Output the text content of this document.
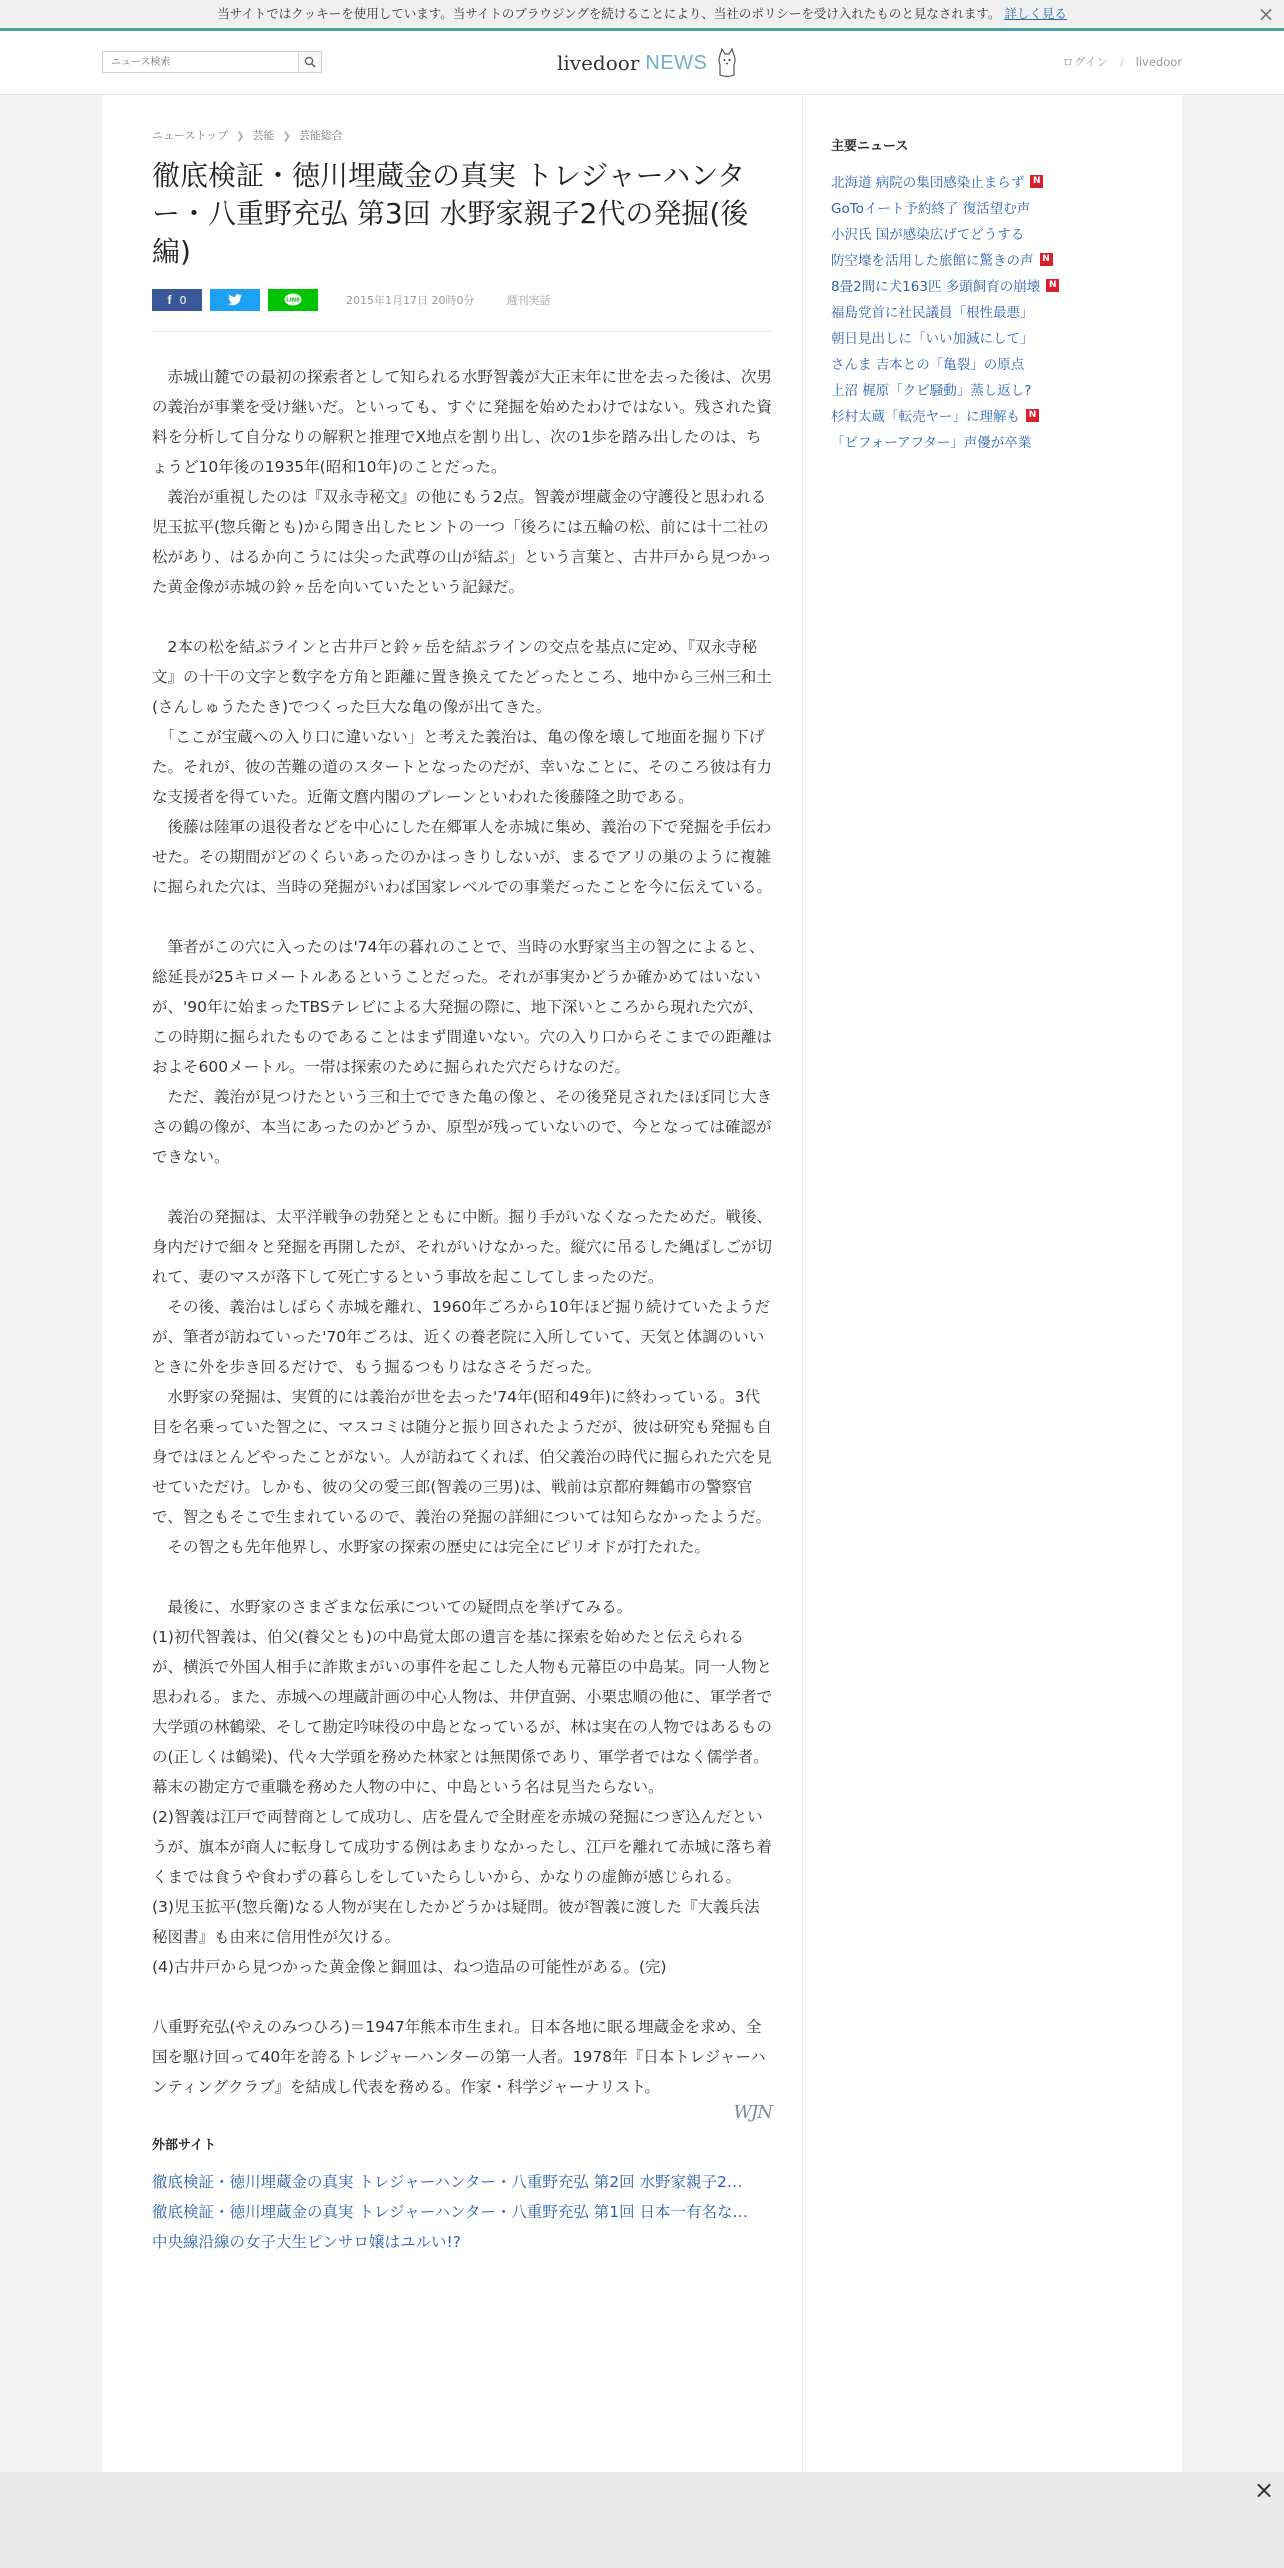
当サイトではクッキーを使用しています。当サイトのブラウジングを続けることにより、当社のポリシーを受け入れたものと見なされます。 詳しく見る	×
ニュース検索
livedoor NEWS	ログイン / livedoor
ニューストップ ❯ 芸能 ❯ 芸能総合
徹底検証・徳川埋蔵金の真実 トレジャーハンター・八重野充弘 第3回 水野家親子2代の発掘(後編)
f 0	LINE	2015年1月17日 20時0分	週刊実話

　赤城山麓での最初の探索者として知られる水野智義が大正末年に世を去った後は、次男の義治が事業を受け継いだ。といっても、すぐに発掘を始めたわけではない。残された資料を分析して自分なりの解釈と推理でX地点を割り出し、次の1歩を踏み出したのは、ちょうど10年後の1935年(昭和10年)のことだった。

　義治が重視したのは『双永寺秘文』の他にもう2点。智義が埋蔵金の守護役と思われる児玉拡平(惣兵衛とも)から聞き出したヒントの一つ「後ろには五輪の松、前には十二社の松があり、はるか向こうには尖った武尊の山が結ぶ」という言葉と、古井戸から見つかった黄金像が赤城の鈴ヶ岳を向いていたという記録だ。

　2本の松を結ぶラインと古井戸と鈴ヶ岳を結ぶラインの交点を基点に定め、『双永寺秘文』の十干の文字と数字を方角と距離に置き換えてたどったところ、地中から三州三和土(さんしゅうたたき)でつくった巨大な亀の像が出てきた。

　「ここが宝蔵への入り口に違いない」と考えた義治は、亀の像を壊して地面を掘り下げた。それが、彼の苦難の道のスタートとなったのだが、幸いなことに、そのころ彼は有力な支援者を得ていた。近衛文麿内閣のブレーンといわれた後藤隆之助である。

　後藤は陸軍の退役者などを中心にした在郷軍人を赤城に集め、義治の下で発掘を手伝わせた。その期間がどのくらいあったのかはっきりしないが、まるでアリの巣のように複雑に掘られた穴は、当時の発掘がいわば国家レベルでの事業だったことを今に伝えている。

　筆者がこの穴に入ったのは'74年の暮れのことで、当時の水野家当主の智之によると、総延長が25キロメートルあるということだった。それが事実かどうか確かめてはいないが、'90年に始まったTBSテレビによる大発掘の際に、地下深いところから現れた穴が、この時期に掘られたものであることはまず間違いない。穴の入り口からそこまでの距離はおよそ600メートル。一帯は探索のために掘られた穴だらけなのだ。

　ただ、義治が見つけたという三和土でできた亀の像と、その後発見されたほぼ同じ大きさの鶴の像が、本当にあったのかどうか、原型が残っていないので、今となっては確認ができない。

　義治の発掘は、太平洋戦争の勃発とともに中断。掘り手がいなくなったためだ。戦後、身内だけで細々と発掘を再開したが、それがいけなかった。縦穴に吊るした縄ばしごが切れて、妻のマスが落下して死亡するという事故を起こしてしまったのだ。

　その後、義治はしばらく赤城を離れ、1960年ごろから10年ほど掘り続けていたようだが、筆者が訪ねていった'70年ごろは、近くの養老院に入所していて、天気と体調のいいときに外を歩き回るだけで、もう掘るつもりはなさそうだった。

　水野家の発掘は、実質的には義治が世を去った'74年(昭和49年)に終わっている。3代目を名乗っていた智之に、マスコミは随分と振り回されたようだが、彼は研究も発掘も自身ではほとんどやったことがない。人が訪ねてくれば、伯父義治の時代に掘られた穴を見せていただけ。しかも、彼の父の愛三郎(智義の三男)は、戦前は京都府舞鶴市の警察官で、智之もそこで生まれているので、義治の発掘の詳細については知らなかったようだ。

　その智之も先年他界し、水野家の探索の歴史には完全にピリオドが打たれた。

　最後に、水野家のさまざまな伝承についての疑問点を挙げてみる。

(1)初代智義は、伯父(養父とも)の中島覚太郎の遺言を基に探索を始めたと伝えられるが、横浜で外国人相手に詐欺まがいの事件を起こした人物も元幕臣の中島某。同一人物と思われる。また、赤城への埋蔵計画の中心人物は、井伊直弼、小栗忠順の他に、軍学者で大学頭の林鶴梁、そして勘定吟味役の中島となっているが、林は実在の人物ではあるものの(正しくは鶴梁)、代々大学頭を務めた林家とは無関係であり、軍学者ではなく儒学者。幕末の勘定方で重職を務めた人物の中に、中島という名は見当たらない。

(2)智義は江戸で両替商として成功し、店を畳んで全財産を赤城の発掘につぎ込んだというが、旗本が商人に転身して成功する例はあまりなかったし、江戸を離れて赤城に落ち着くまでは食うや食わずの暮らしをしていたらしいから、かなりの虚飾が感じられる。

(3)児玉拡平(惣兵衛)なる人物が実在したかどうかは疑問。彼が智義に渡した『大義兵法秘図書』も由来に信用性が欠ける。

(4)古井戸から見つかった黄金像と銅皿は、ねつ造品の可能性がある。(完)

八重野充弘(やえのみつひろ)＝1947年熊本市生まれ。日本各地に眠る埋蔵金を求め、全国を駆け回って40年を誇るトレジャーハンターの第一人者。1978年『日本トレジャーハンティングクラブ』を結成し代表を務める。作家・科学ジャーナリスト。

WJN
外部サイト
徹底検証・徳川埋蔵金の真実 トレジャーハンター・八重野充弘 第2回 水野家親子2…
徹底検証・徳川埋蔵金の真実 トレジャーハンター・八重野充弘 第1回 日本一有名な…
中央線沿線の女子大生ピンサロ嬢はユルい!?
主要ニュース
北海道 病院の集団感染止まらず N
GoToイート予約終了 復活望む声
小沢氏 国が感染広げてどうする
防空壕を活用した旅館に驚きの声 N
8畳2間に犬163匹 多頭飼育の崩壊 N
福島党首に社民議員「根性最悪」
朝日見出しに「いい加減にして」
さんま 吉本との「亀裂」の原点
上沼 梶原「クビ騒動」蒸し返し?
杉村太蔵「転売ヤー」に理解も N
「ビフォーアフター」声優が卒業
×
